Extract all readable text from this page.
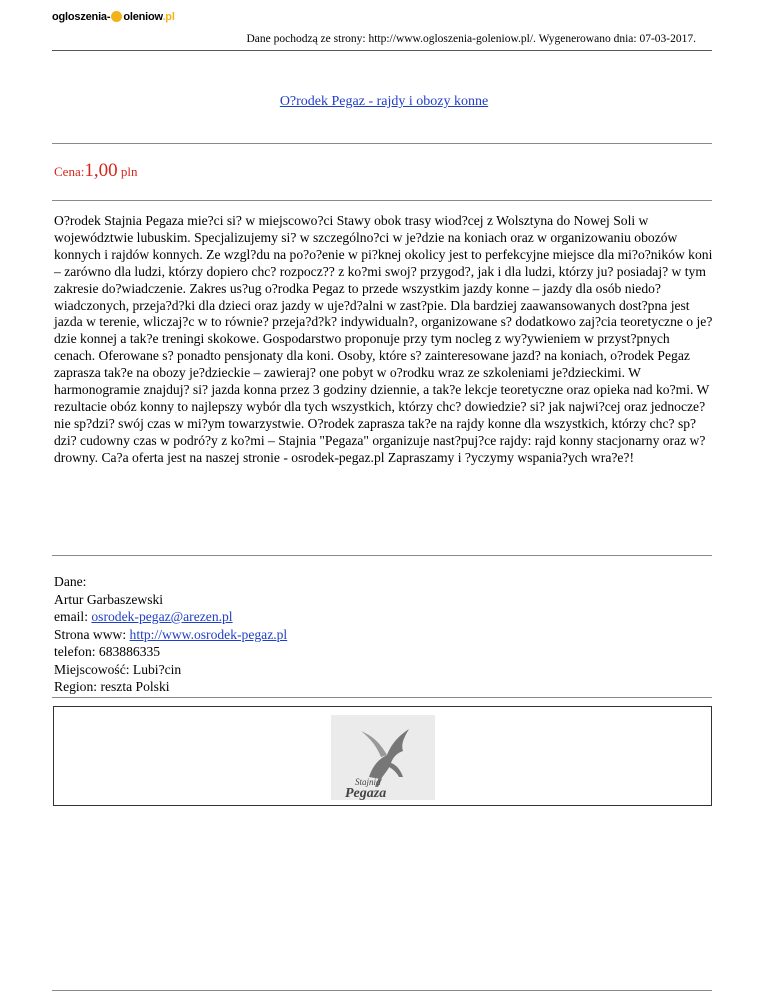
ogloszenia- oleniow.pl
Dane pochodzą ze strony: http://www.ogloszenia-goleniow.pl/. Wygenerowano dnia: 07-03-2017.
O?rodek Pegaz - rajdy i obozy konne
Cena:1,00 pln
O?rodek Stajnia Pegaza mie?ci si? w miejscowo?ci Stawy obok trasy wiod?cej z Wolsztyna do Nowej Soli w województwie lubuskim. Specjalizujemy si? w szczególno?ci w je?dzie na koniach oraz w organizowaniu obozów konnych i rajdów konnych. Ze wzgl?du na po?o?enie w pi?knej okolicy jest to perfekcyjne miejsce dla mi?o?ników koni – zarówno dla ludzi, którzy dopiero chc? rozpocz?? z ko?mi swoj? przygod?, jak i dla ludzi, którzy ju? posiadaj? w tym zakresie do?wiadczenie. Zakres us?ug o?rodka Pegaz to przede wszystkim jazdy konne – jazdy dla osób niedo?wiadczonych, przeja?d?ki dla dzieci oraz jazdy w uje?d?alni w zast?pie. Dla bardziej zaawansowanych dost?pna jest jazda w terenie, wliczaj?c w to równie? przeja?d?k? indywidualn?, organizowane s? dodatkowo zaj?cia teoretyczne o je?dzie konnej a tak?e treningi skokowe. Gospodarstwo proponuje przy tym nocleg z wy?ywieniem w przyst?pnych cenach. Oferowane s? ponadto pensjonaty dla koni. Osoby, które s? zainteresowane jazd? na koniach, o?rodek Pegaz zaprasza tak?e na obozy je?dzieckie – zawieraj? one pobyt w o?rodku wraz ze szkoleniami je?dzieckimi. W harmonogramie znajduj? si? jazda konna przez 3 godziny dziennie, a tak?e lekcje teoretyczne oraz opieka nad ko?mi. W rezultacie obóz konny to najlepszy wybór dla tych wszystkich, którzy chc? dowiedzie? si? jak najwi?cej oraz jednocze?nie sp?dzi? swój czas w mi?ym towarzystwie. O?rodek zaprasza tak?e na rajdy konne dla wszystkich, którzy chc? sp?dzi? cudowny czas w podró?y z ko?mi – Stajnia "Pegaza" organizuje nast?puj?ce rajdy: rajd konny stacjonarny oraz w?drowny. Ca?a oferta jest na naszej stronie - osrodek-pegaz.pl Zapraszamy i ?yczymy wspania?ych wra?e?!
Dane:
Artur Garbaszewski
email: osrodek-pegaz@arezen.pl
Strona www: http://www.osrodek-pegaz.pl
telefon: 683886335
Miejscowość: Lubi?cin
Region: reszta Polski
Stajnia
Pegaza
